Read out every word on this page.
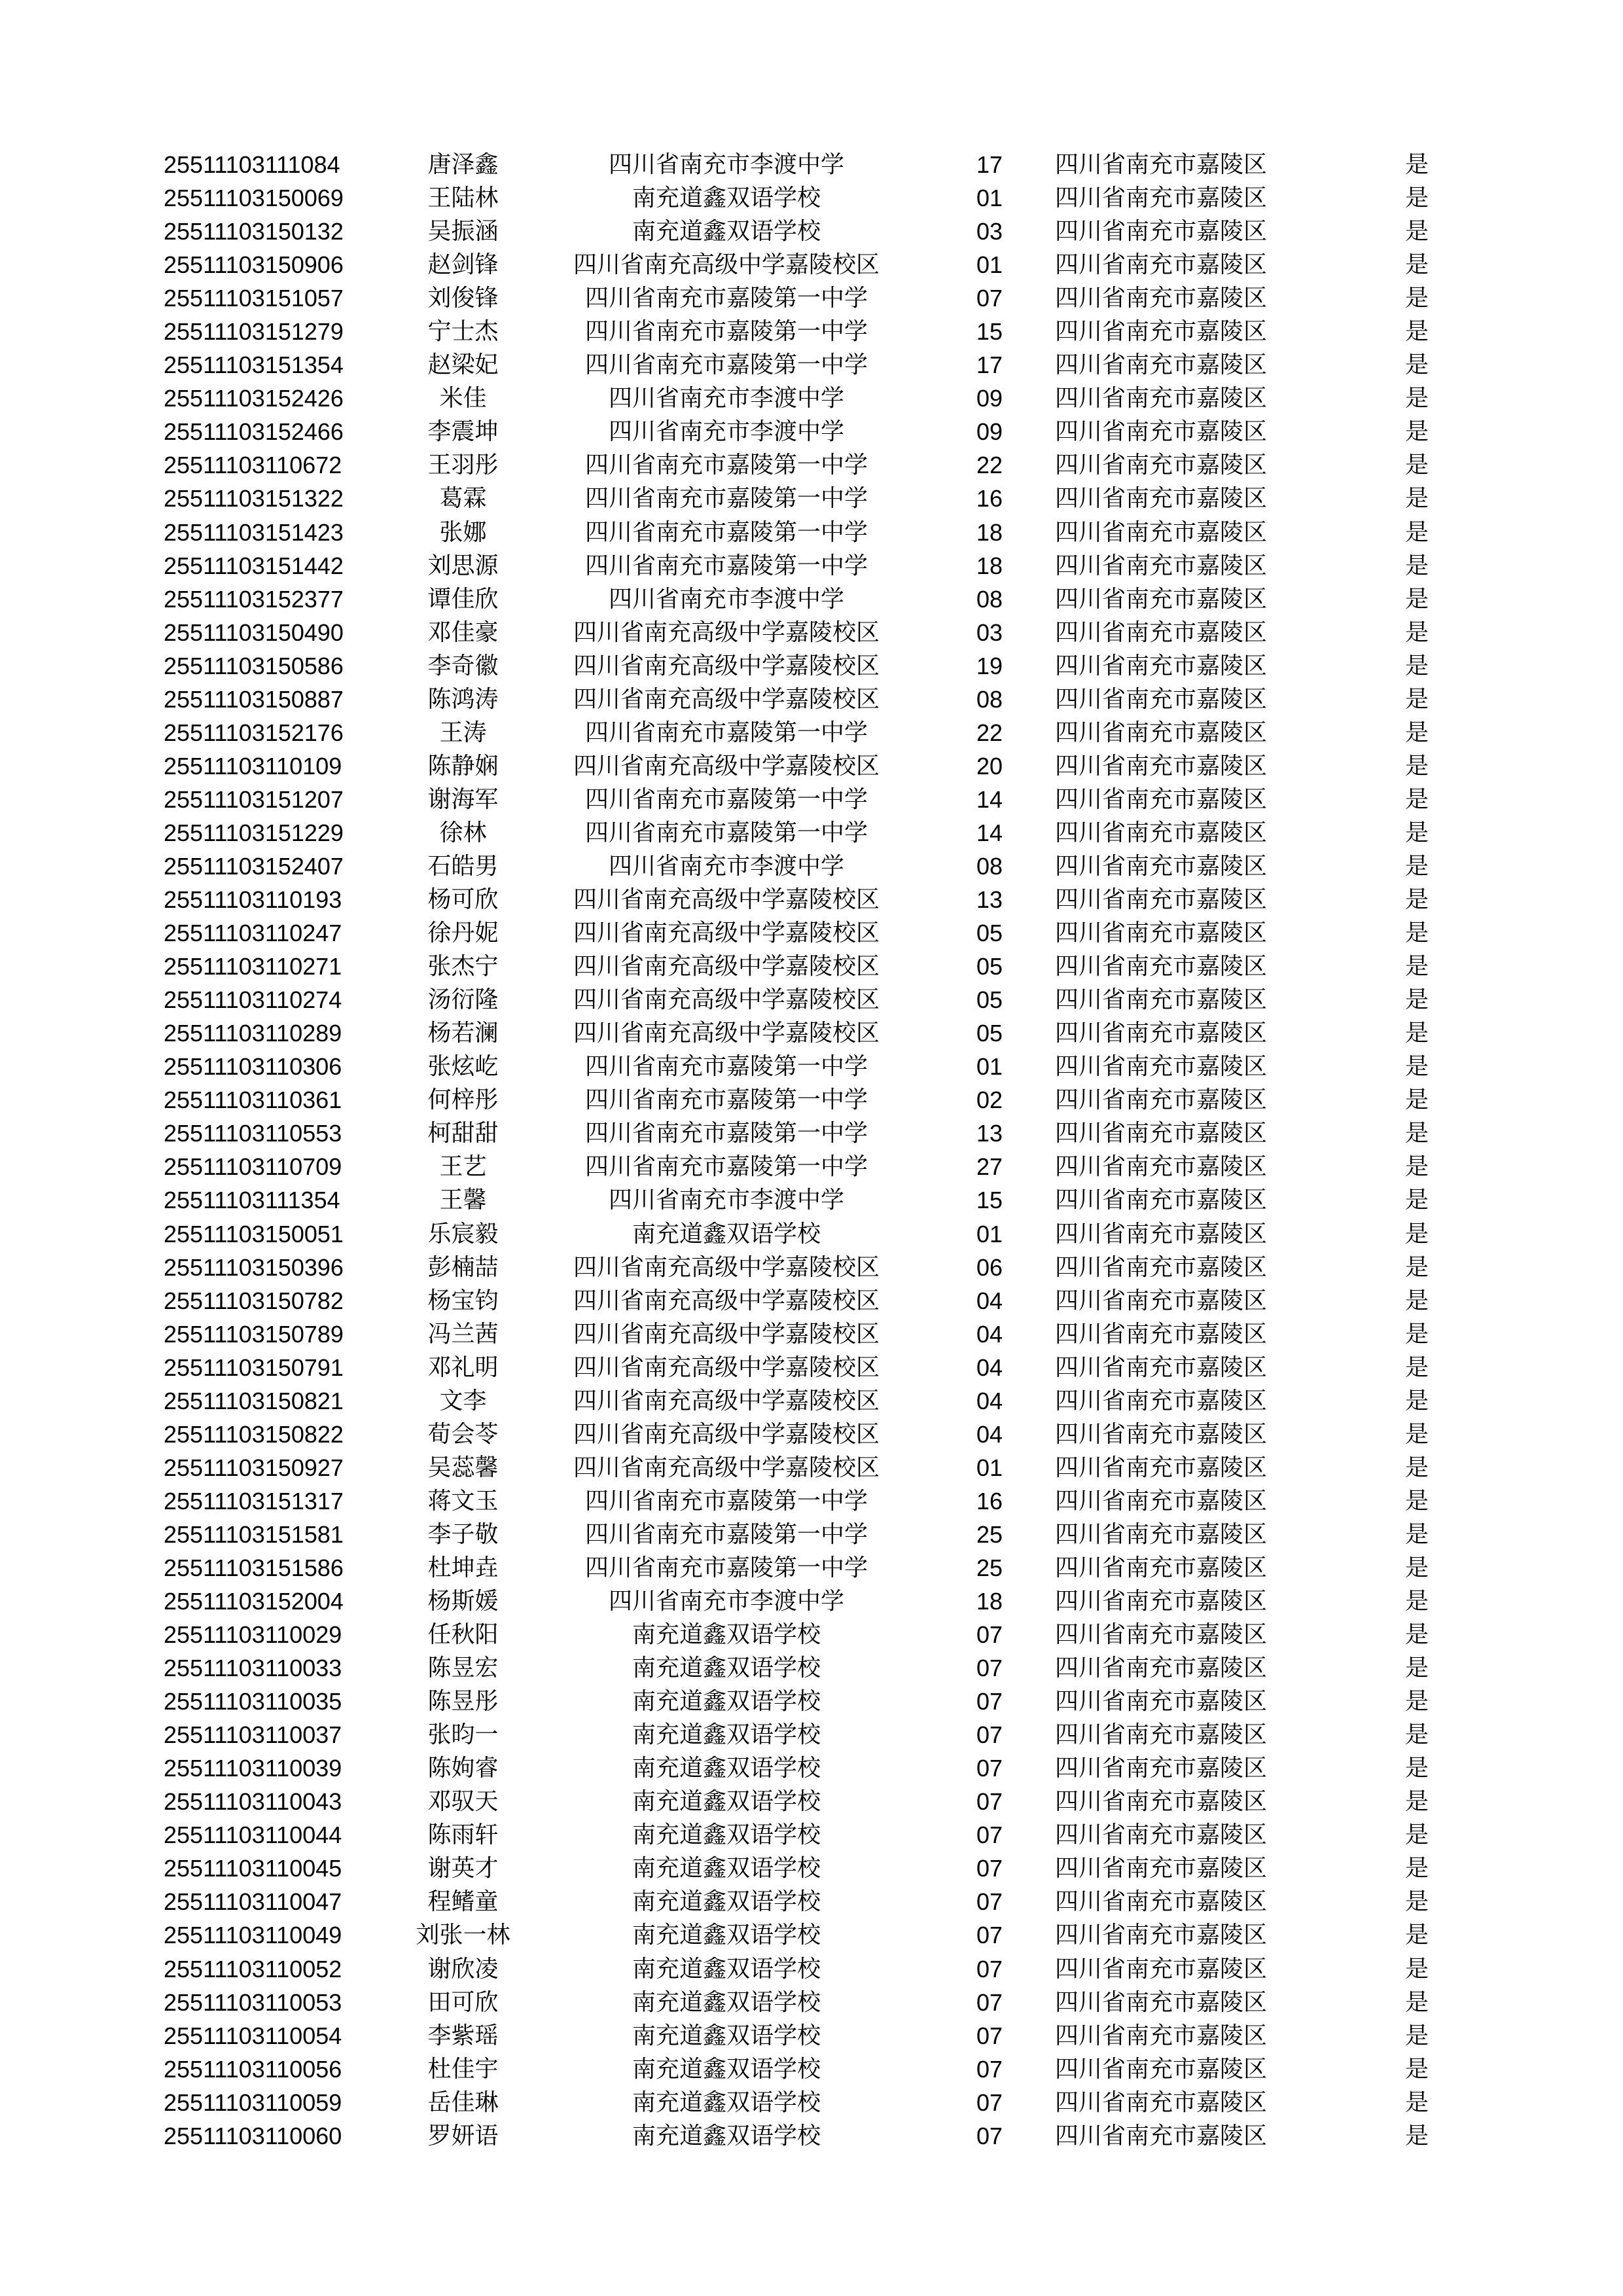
25511103111084	唐泽鑫	四川省南充市李渡中学	17	四川省南充市嘉陵区	是
25511103150069	王陆林	南充道鑫双语学校	01	四川省南充市嘉陵区	是
25511103150132	吴振涵	南充道鑫双语学校	03	四川省南充市嘉陵区	是
25511103150906	赵剑锋	四川省南充高级中学嘉陵校区	01	四川省南充市嘉陵区	是
25511103151057	刘俊锋	四川省南充市嘉陵第一中学	07	四川省南充市嘉陵区	是
25511103151279	宁士杰	四川省南充市嘉陵第一中学	15	四川省南充市嘉陵区	是
25511103151354	赵梁妃	四川省南充市嘉陵第一中学	17	四川省南充市嘉陵区	是
25511103152426	米佳	四川省南充市李渡中学	09	四川省南充市嘉陵区	是
25511103152466	李震坤	四川省南充市李渡中学	09	四川省南充市嘉陵区	是
25511103110672	王羽彤	四川省南充市嘉陵第一中学	22	四川省南充市嘉陵区	是
25511103151322	葛霖	四川省南充市嘉陵第一中学	16	四川省南充市嘉陵区	是
25511103151423	张娜	四川省南充市嘉陵第一中学	18	四川省南充市嘉陵区	是
25511103151442	刘思源	四川省南充市嘉陵第一中学	18	四川省南充市嘉陵区	是
25511103152377	谭佳欣	四川省南充市李渡中学	08	四川省南充市嘉陵区	是
25511103150490	邓佳豪	四川省南充高级中学嘉陵校区	03	四川省南充市嘉陵区	是
25511103150586	李奇徽	四川省南充高级中学嘉陵校区	19	四川省南充市嘉陵区	是
25511103150887	陈鸿涛	四川省南充高级中学嘉陵校区	08	四川省南充市嘉陵区	是
25511103152176	王涛	四川省南充市嘉陵第一中学	22	四川省南充市嘉陵区	是
25511103110109	陈静娴	四川省南充高级中学嘉陵校区	20	四川省南充市嘉陵区	是
25511103151207	谢海军	四川省南充市嘉陵第一中学	14	四川省南充市嘉陵区	是
25511103151229	徐林	四川省南充市嘉陵第一中学	14	四川省南充市嘉陵区	是
25511103152407	石皓男	四川省南充市李渡中学	08	四川省南充市嘉陵区	是
25511103110193	杨可欣	四川省南充高级中学嘉陵校区	13	四川省南充市嘉陵区	是
25511103110247	徐丹妮	四川省南充高级中学嘉陵校区	05	四川省南充市嘉陵区	是
25511103110271	张杰宁	四川省南充高级中学嘉陵校区	05	四川省南充市嘉陵区	是
25511103110274	汤衍隆	四川省南充高级中学嘉陵校区	05	四川省南充市嘉陵区	是
25511103110289	杨若澜	四川省南充高级中学嘉陵校区	05	四川省南充市嘉陵区	是
25511103110306	张炫屹	四川省南充市嘉陵第一中学	01	四川省南充市嘉陵区	是
25511103110361	何梓彤	四川省南充市嘉陵第一中学	02	四川省南充市嘉陵区	是
25511103110553	柯甜甜	四川省南充市嘉陵第一中学	13	四川省南充市嘉陵区	是
25511103110709	王艺	四川省南充市嘉陵第一中学	27	四川省南充市嘉陵区	是
25511103111354	王馨	四川省南充市李渡中学	15	四川省南充市嘉陵区	是
25511103150051	乐宸毅	南充道鑫双语学校	01	四川省南充市嘉陵区	是
25511103150396	彭楠喆	四川省南充高级中学嘉陵校区	06	四川省南充市嘉陵区	是
25511103150782	杨宝钧	四川省南充高级中学嘉陵校区	04	四川省南充市嘉陵区	是
25511103150789	冯兰茜	四川省南充高级中学嘉陵校区	04	四川省南充市嘉陵区	是
25511103150791	邓礼明	四川省南充高级中学嘉陵校区	04	四川省南充市嘉陵区	是
25511103150821	文李	四川省南充高级中学嘉陵校区	04	四川省南充市嘉陵区	是
25511103150822	荀会苓	四川省南充高级中学嘉陵校区	04	四川省南充市嘉陵区	是
25511103150927	吴蕊馨	四川省南充高级中学嘉陵校区	01	四川省南充市嘉陵区	是
25511103151317	蒋文玉	四川省南充市嘉陵第一中学	16	四川省南充市嘉陵区	是
25511103151581	李子敬	四川省南充市嘉陵第一中学	25	四川省南充市嘉陵区	是
25511103151586	杜坤垚	四川省南充市嘉陵第一中学	25	四川省南充市嘉陵区	是
25511103152004	杨斯媛	四川省南充市李渡中学	18	四川省南充市嘉陵区	是
25511103110029	任秋阳	南充道鑫双语学校	07	四川省南充市嘉陵区	是
25511103110033	陈昱宏	南充道鑫双语学校	07	四川省南充市嘉陵区	是
25511103110035	陈昱彤	南充道鑫双语学校	07	四川省南充市嘉陵区	是
25511103110037	张昀一	南充道鑫双语学校	07	四川省南充市嘉陵区	是
25511103110039	陈姁睿	南充道鑫双语学校	07	四川省南充市嘉陵区	是
25511103110043	邓驭天	南充道鑫双语学校	07	四川省南充市嘉陵区	是
25511103110044	陈雨轩	南充道鑫双语学校	07	四川省南充市嘉陵区	是
25511103110045	谢英才	南充道鑫双语学校	07	四川省南充市嘉陵区	是
25511103110047	程鳍童	南充道鑫双语学校	07	四川省南充市嘉陵区	是
25511103110049	刘张一林	南充道鑫双语学校	07	四川省南充市嘉陵区	是
25511103110052	谢欣凌	南充道鑫双语学校	07	四川省南充市嘉陵区	是
25511103110053	田可欣	南充道鑫双语学校	07	四川省南充市嘉陵区	是
25511103110054	李紫瑶	南充道鑫双语学校	07	四川省南充市嘉陵区	是
25511103110056	杜佳宇	南充道鑫双语学校	07	四川省南充市嘉陵区	是
25511103110059	岳佳琳	南充道鑫双语学校	07	四川省南充市嘉陵区	是
25511103110060	罗妍语	南充道鑫双语学校	07	四川省南充市嘉陵区	是
